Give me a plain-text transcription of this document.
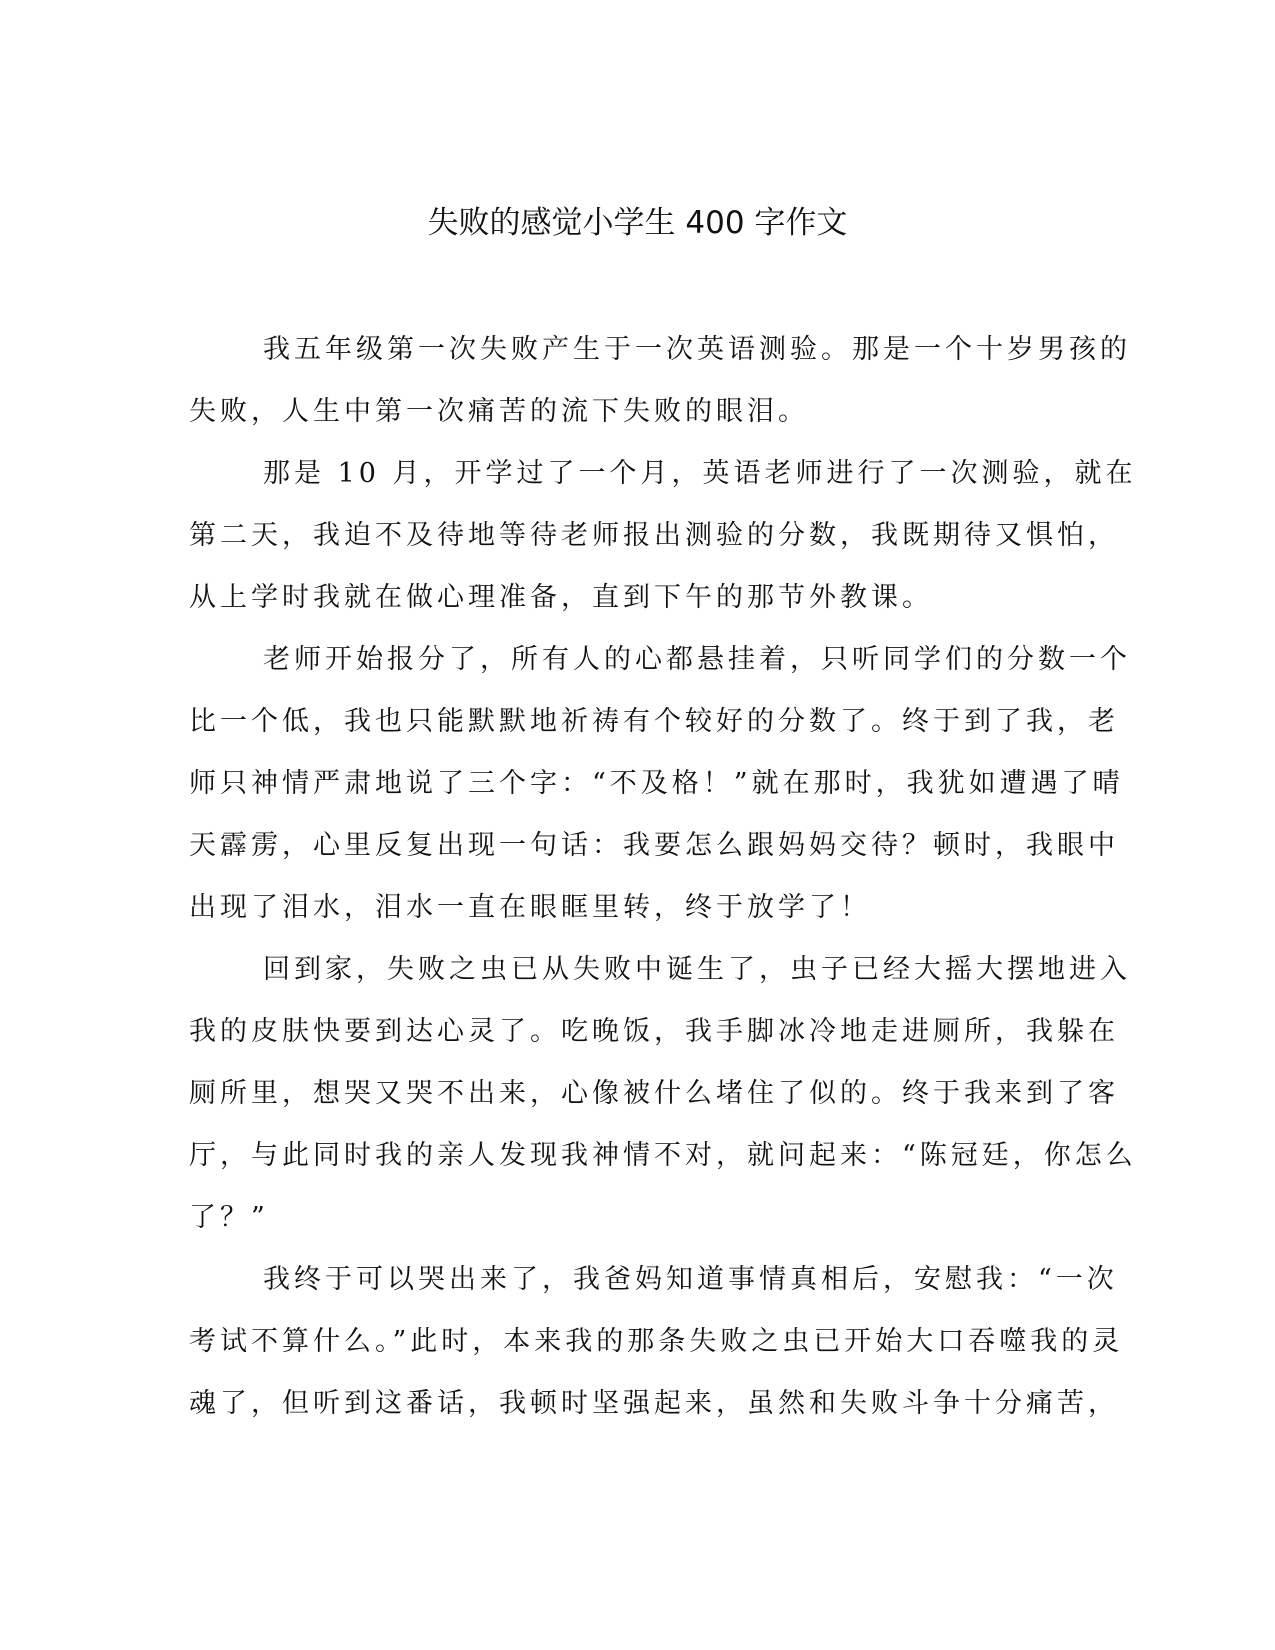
失败的感觉小学生 400 字作文
我五年级第一次失败产生于一次英语测验。那是一个十岁男孩的
失败，人生中第一次痛苦的流下失败的眼泪。
那是 10 月，开学过了一个月，英语老师进行了一次测验，就在
第二天，我迫不及待地等待老师报出测验的分数，我既期待又惧怕，
从上学时我就在做心理准备，直到下午的那节外教课。
老师开始报分了，所有人的心都悬挂着，只听同学们的分数一个
比一个低，我也只能默默地祈祷有个较好的分数了。终于到了我，老
师只神情严肃地说了三个字：“不及格！”就在那时，我犹如遭遇了晴
天霹雳，心里反复出现一句话：我要怎么跟妈妈交待？顿时，我眼中
出现了泪水，泪水一直在眼眶里转，终于放学了！
回到家，失败之虫已从失败中诞生了，虫子已经大摇大摆地进入
我的皮肤快要到达心灵了。吃晚饭，我手脚冰冷地走进厕所，我躲在
厕所里，想哭又哭不出来，心像被什么堵住了似的。终于我来到了客
厅，与此同时我的亲人发现我神情不对，就问起来：“陈冠廷，你怎么
了？”
我终于可以哭出来了，我爸妈知道事情真相后，安慰我：“一次
考试不算什么。”此时，本来我的那条失败之虫已开始大口吞噬我的灵
魂了，但听到这番话，我顿时坚强起来，虽然和失败斗争十分痛苦，
